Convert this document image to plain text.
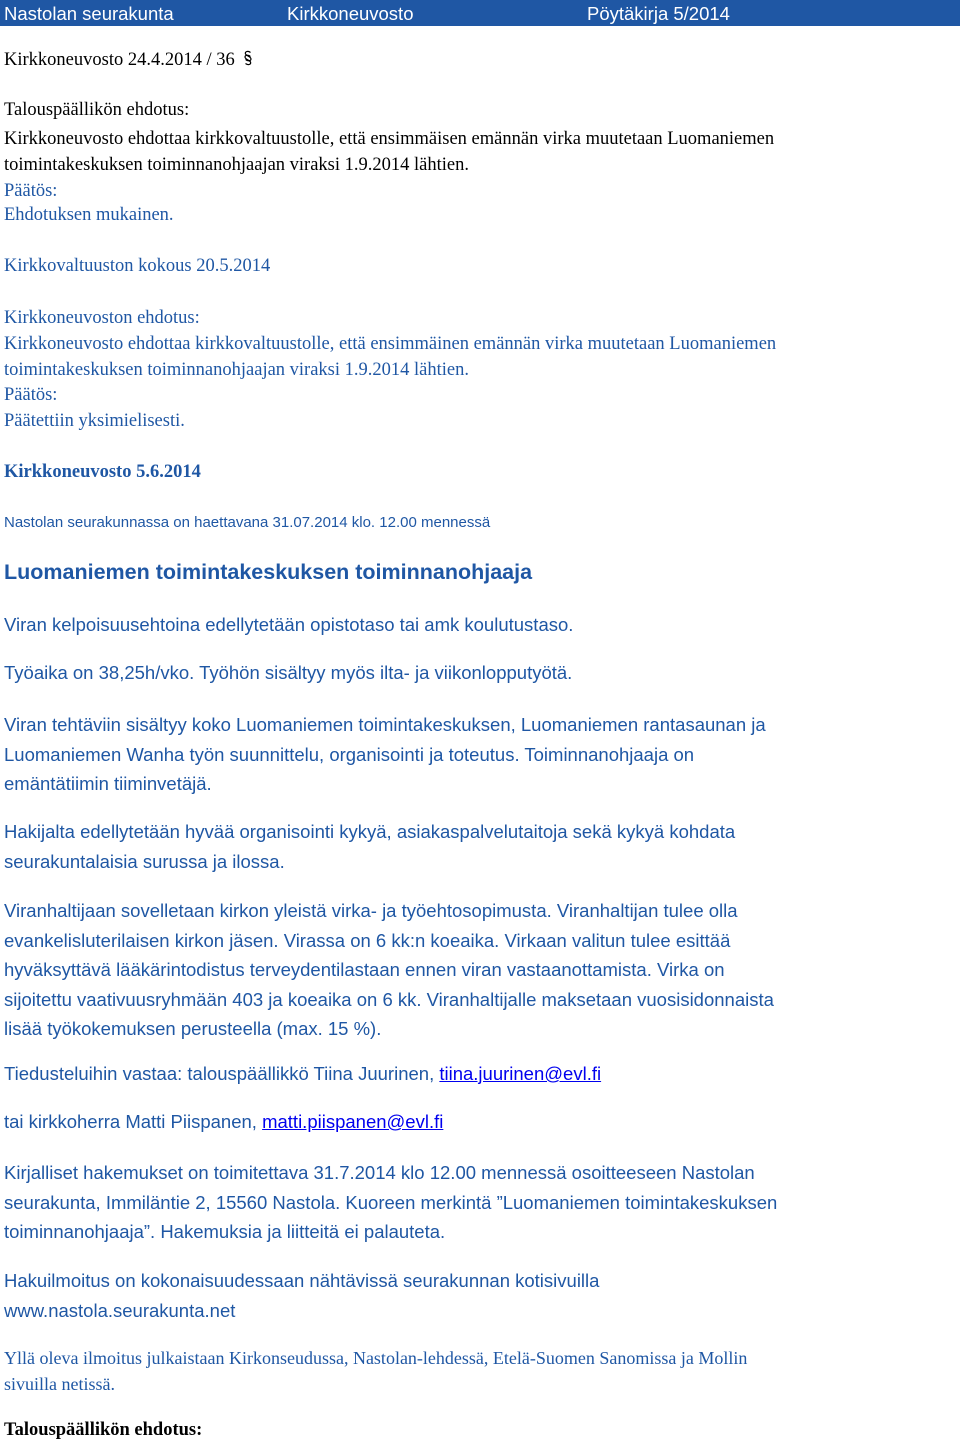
Nastolan seurakunta	Kirkkoneuvosto	Pöytäkirja 5/2014
Kirkkoneuvosto 24.4.2014 / 36
Talouspäällikön ehdotus:
Kirkkoneuvosto ehdottaa kirkkovaltuustolle, että ensimmäisen emännän virka muutetaan Luomaniemen
toimintakeskuksen toiminnanohjaajan viraksi 1.9.2014 lähtien.
Päätös:
Ehdotuksen mukainen.
Kirkkovaltuuston kokous 20.5.2014
Kirkkoneuvoston ehdotus:
Kirkkoneuvosto ehdottaa kirkkovaltuustolle, että ensimmäinen emännän virka muutetaan Luomaniemen
toimintakeskuksen toiminnanohjaajan viraksi 1.9.2014 lähtien.
Päätös:
Päätettiin yksimielisesti.
Kirkkoneuvosto 5.6.2014
Nastolan seurakunnassa on haettavana 31.07.2014 klo. 12.00 mennessä
Luomaniemen toimintakeskuksen toiminnanohjaaja
Viran kelpoisuusehtoina edellytetään opistotaso tai amk koulutustaso.
Työaika on 38,25h/vko. Työhön sisältyy myös ilta- ja viikonlopputyötä.
Viran tehtäviin sisältyy koko Luomaniemen toimintakeskuksen, Luomaniemen rantasaunan ja
Luomaniemen Wanha työn suunnittelu, organisointi ja toteutus. Toiminnanohjaaja on
emäntätiimin tiiminvetäjä.
Hakijalta edellytetään hyvää organisointi kykyä, asiakaspalvelutaitoja sekä kykyä kohdata
seurakuntalaisia surussa ja ilossa.
Viranhaltijaan sovelletaan kirkon yleistä virka- ja työehtosopimusta. Viranhaltijan tulee olla
evankelisluterilaisen kirkon jäsen. Virassa on 6 kk:n koeaika. Virkaan valitun tulee esittää
hyväksyttävä lääkärintodistus terveydentilastaan ennen viran vastaanottamista. Virka on
sijoitettu vaativuusryhmään 403 ja koeaika on 6 kk. Viranhaltijalle maksetaan vuosisidonnaista
lisää työkokemuksen perusteella (max. 15 %).
Tiedusteluihin vastaa: talouspäällikkö Tiina Juurinen, tiina.juurinen@evl.fi
tai kirkkoherra Matti Piispanen, matti.piispanen@evl.fi
Kirjalliset hakemukset on toimitettava 31.7.2014 klo 12.00 mennessä osoitteeseen Nastolan
seurakunta, Immiläntie 2, 15560 Nastola. Kuoreen merkintä ”Luomaniemen toimintakeskuksen
toiminnanohjaaja”. Hakemuksia ja liitteitä ei palauteta.
Hakuilmoitus on kokonaisuudessaan nähtävissä seurakunnan kotisivuilla
www.nastola.seurakunta.net
Yllä oleva ilmoitus julkaistaan Kirkonseudussa, Nastolan-lehdessä, Etelä-Suomen Sanomissa ja Mollin
sivuilla netissä.
Talouspäällikön ehdotus:
